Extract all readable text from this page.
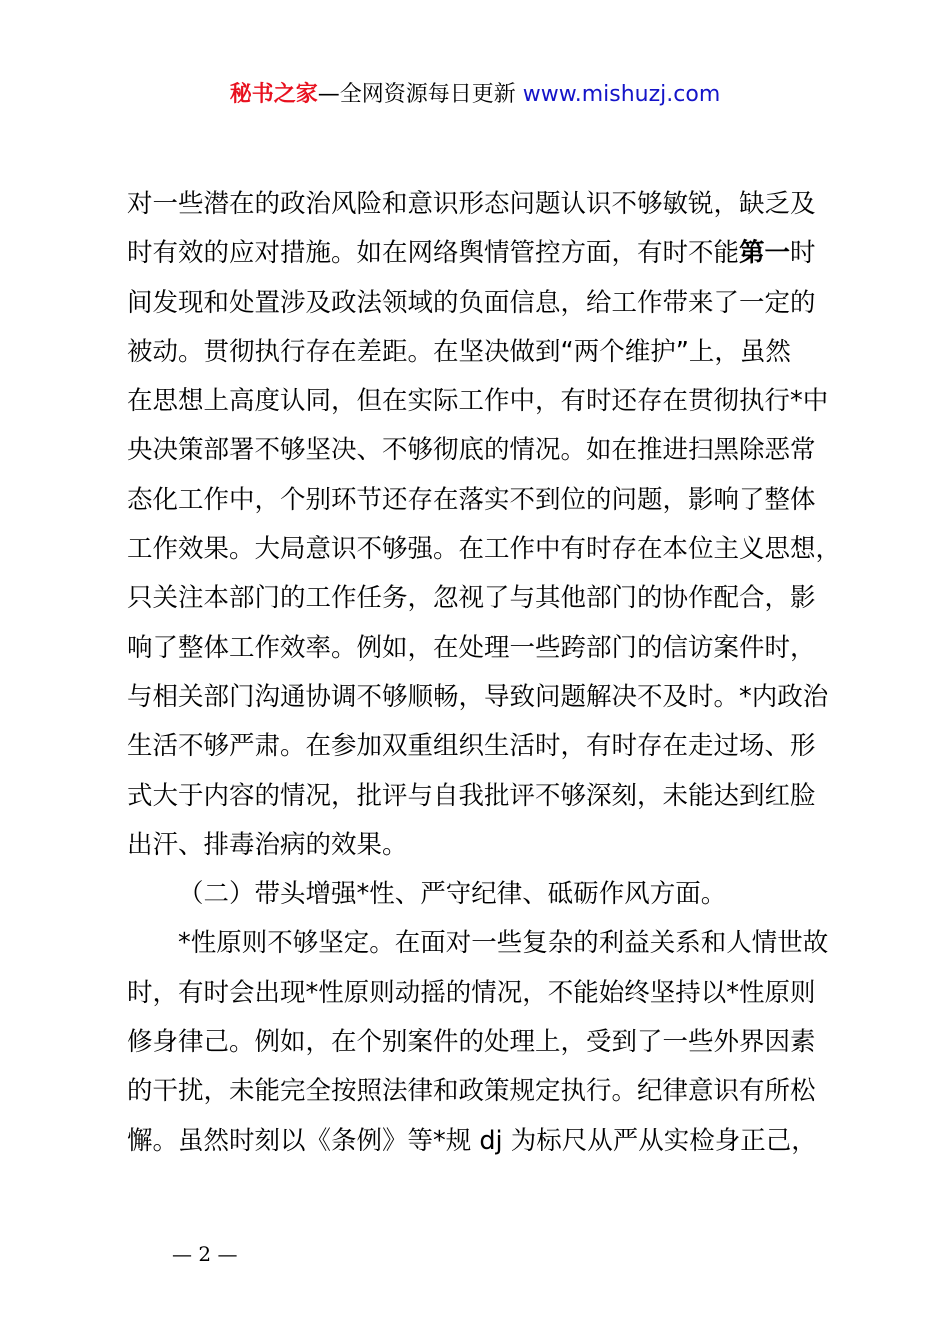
秘书之家—全网资源每日更新 www.mishuzj.com
对一些潜在的政治风险和意识形态问题认识不够敏锐，缺乏及
时有效的应对措施。如在网络舆情管控方面，有时不能第一时
间发现和处置涉及政法领域的负面信息，给工作带来了一定的
被动。贯彻执行存在差距。在坚决做到“两个维护”上，虽然
在思想上高度认同，但在实际工作中，有时还存在贯彻执行*中
央决策部署不够坚决、不够彻底的情况。如在推进扫黑除恶常
态化工作中，个别环节还存在落实不到位的问题，影响了整体
工作效果。大局意识不够强。在工作中有时存在本位主义思想，
只关注本部门的工作任务，忽视了与其他部门的协作配合，影
响了整体工作效率。例如，在处理一些跨部门的信访案件时，
与相关部门沟通协调不够顺畅，导致问题解决不及时。*内政治
生活不够严肃。在参加双重组织生活时，有时存在走过场、形
式大于内容的情况，批评与自我批评不够深刻，未能达到红脸
出汗、排毒治病的效果。
（二）带头增强*性、严守纪律、砥砺作风方面。
*性原则不够坚定。在面对一些复杂的利益关系和人情世故
时，有时会出现*性原则动摇的情况，不能始终坚持以*性原则
修身律己。例如，在个别案件的处理上，受到了一些外界因素
的干扰，未能完全按照法律和政策规定执行。纪律意识有所松
懈。虽然时刻以《条例》等*规 dj 为标尺从严从实检身正己，
— 2 —
